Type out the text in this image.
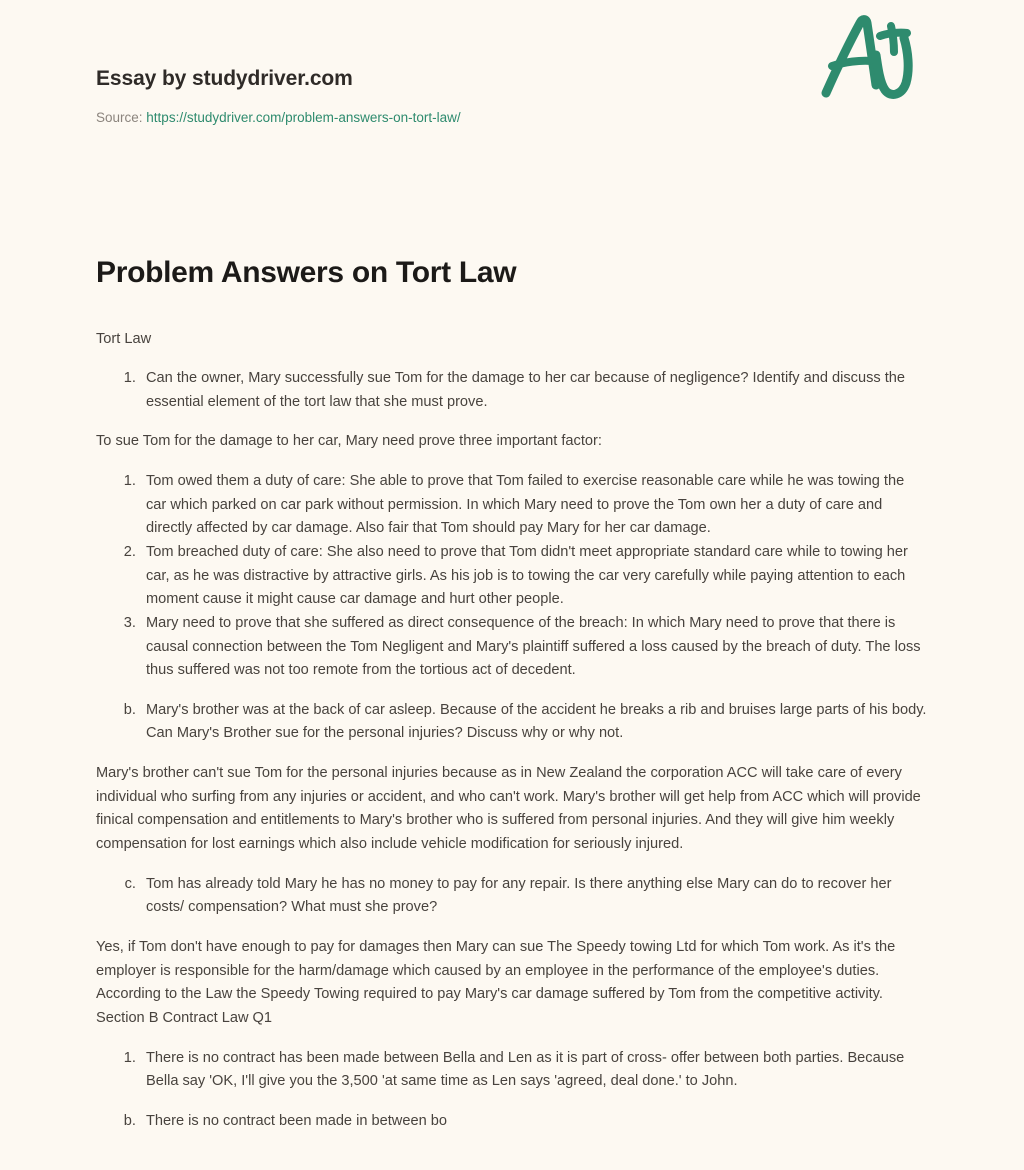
Essay by studydriver.com
Source: https://studydriver.com/problem-answers-on-tort-law/
Problem Answers on Tort Law

Tort Law

1. Can the owner, Mary successfully sue Tom for the damage to her car because of negligence? Identify and discuss the essential element of the tort law that she must prove.

To sue Tom for the damage to her car, Mary need prove three important factor:

1. Tom owed them a duty of care: She able to prove that Tom failed to exercise reasonable care while he was towing the car which parked on car park without permission. In which Mary need to prove the Tom own her a duty of care and directly affected by car damage. Also fair that Tom should pay Mary for her car damage.
2. Tom breached duty of care: She also need to prove that Tom didn't meet appropriate standard care while to towing her car, as he was distractive by attractive girls. As his job is to towing the car very carefully while paying attention to each moment cause it might cause car damage and hurt other people.
3. Mary need to prove that she suffered as direct consequence of the breach: In which Mary need to prove that there is causal connection between the Tom Negligent and Mary's plaintiff suffered a loss caused by the breach of duty. The loss thus suffered was not too remote from the tortious act of decedent.
b. Mary's brother was at the back of car asleep. Because of the accident he breaks a rib and bruises large parts of his body. Can Mary's Brother sue for the personal injuries? Discuss why or why not.

Mary's brother can't sue Tom for the personal injuries because as in New Zealand the corporation ACC will take care of every individual who surfing from any injuries or accident, and who can't work. Mary's brother will get help from ACC which will provide finical compensation and entitlements to Mary's brother who is suffered from personal injuries. And they will give him weekly compensation for lost earnings which also include vehicle modification for seriously injured.

c. Tom has already told Mary he has no money to pay for any repair. Is there anything else Mary can do to recover her costs/ compensation? What must she prove?

Yes, if Tom don't have enough to pay for damages then Mary can sue The Speedy towing Ltd for which Tom work. As it's the employer is responsible for the harm/damage which caused by an employee in the performance of the employee's duties. According to the Law the Speedy Towing required to pay Mary's car damage suffered by Tom from the competitive activity. Section B Contract Law Q1

1. There is no contract has been made between Bella and Len as it is part of cross- offer between both parties. Because Bella say 'OK, I'll give you the 3,500 'at same time as Len says 'agreed, deal done.' to John.
b. There is no contract been made in between bo
